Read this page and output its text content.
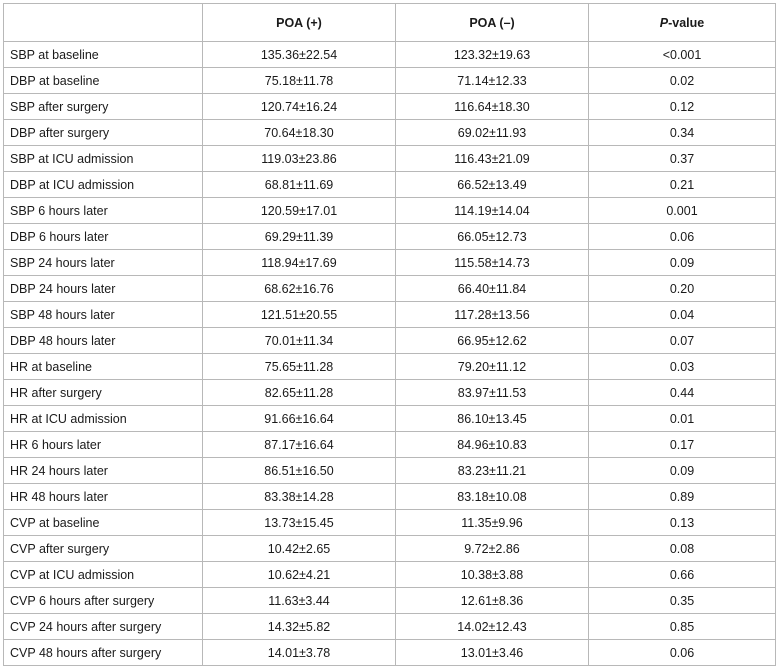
	POA (+)	POA (–)	P-value
SBP at baseline	135.36±22.54	123.32±19.63	<0.001
DBP at baseline	75.18±11.78	71.14±12.33	0.02
SBP after surgery	120.74±16.24	116.64±18.30	0.12
DBP after surgery	70.64±18.30	69.02±11.93	0.34
SBP at ICU admission	119.03±23.86	116.43±21.09	0.37
DBP at ICU admission	68.81±11.69	66.52±13.49	0.21
SBP 6 hours later	120.59±17.01	114.19±14.04	0.001
DBP 6 hours later	69.29±11.39	66.05±12.73	0.06
SBP 24 hours later	118.94±17.69	115.58±14.73	0.09
DBP 24 hours later	68.62±16.76	66.40±11.84	0.20
SBP 48 hours later	121.51±20.55	117.28±13.56	0.04
DBP 48 hours later	70.01±11.34	66.95±12.62	0.07
HR at baseline	75.65±11.28	79.20±11.12	0.03
HR after surgery	82.65±11.28	83.97±11.53	0.44
HR at ICU admission	91.66±16.64	86.10±13.45	0.01
HR 6 hours later	87.17±16.64	84.96±10.83	0.17
HR 24 hours later	86.51±16.50	83.23±11.21	0.09
HR 48 hours later	83.38±14.28	83.18±10.08	0.89
CVP at baseline	13.73±15.45	11.35±9.96	0.13
CVP after surgery	10.42±2.65	9.72±2.86	0.08
CVP at ICU admission	10.62±4.21	10.38±3.88	0.66
CVP 6 hours after surgery	11.63±3.44	12.61±8.36	0.35
CVP 24 hours after surgery	14.32±5.82	14.02±12.43	0.85
CVP 48 hours after surgery	14.01±3.78	13.01±3.46	0.06
